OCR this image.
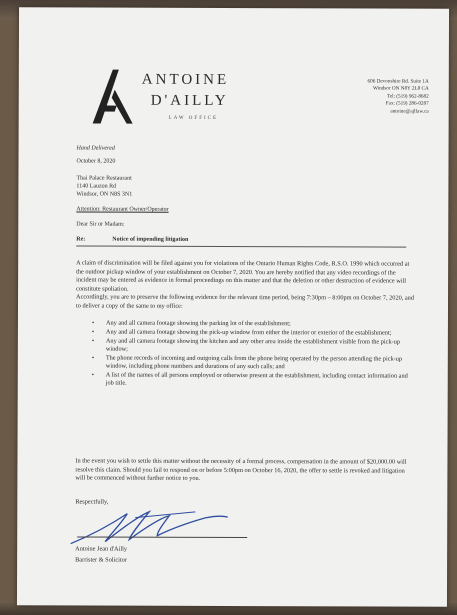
ANTOINE
D'AILLY
LAW OFFICE
606 Devonshire Rd. Suite 1A
Windsor ON N8Y 2L8 CA
Tel: (519) 962-8682
Fax: (519) 286-0287
antoine@ajllaw.ca
Hand Delivered
October 8, 2020
Thai Palace Restaurant
1140 Lauzon Rd
Windsor, ON N8S 3N1
Attention: Restaurant Owner/Operator
Dear Sir or Madam:
Re:	Notice of impending litigation
A claim of discrimination will be filed against you for violations of the Ontario Human Rights Code, R.S.O. 1990 which occurred at the outdoor pickup window of your establishment on October 7, 2020. You are hereby notified that any video recordings of the incident may be entered as evidence in formal proceedings on this matter and that the deletion or other destruction of evidence will constitute spoliation.
Accordingly, you are to preserve the following evidence for the relevant time period, being 7:30pm – 8:00pm on October 7, 2020, and to deliver a copy of the same to my office:
• Any and all camera footage showing the parking lot of the establishment;
• Any and all camera footage showing the pick-up window from either the interior or exterior of the establishment;
• Any and all camera footage showing the kitchen and any other area inside the establishment visible from the pick-up window;
• The phone records of incoming and outgoing calls from the phone being operated by the person attending the pick-up window, including phone numbers and durations of any such calls; and
• A list of the names of all persons employed or otherwise present at the establishment, including contact information and job title.
In the event you wish to settle this matter without the necessity of a formal process, compensation in the amount of $20,000.00 will resolve this claim. Should you fail to respond on or before 5:00pm on October 16, 2020, the offer to settle is revoked and litigation will be commenced without further notice to you.
Respectfully,
Antoine Jean d'Ailly
Barrister & Solicitor
